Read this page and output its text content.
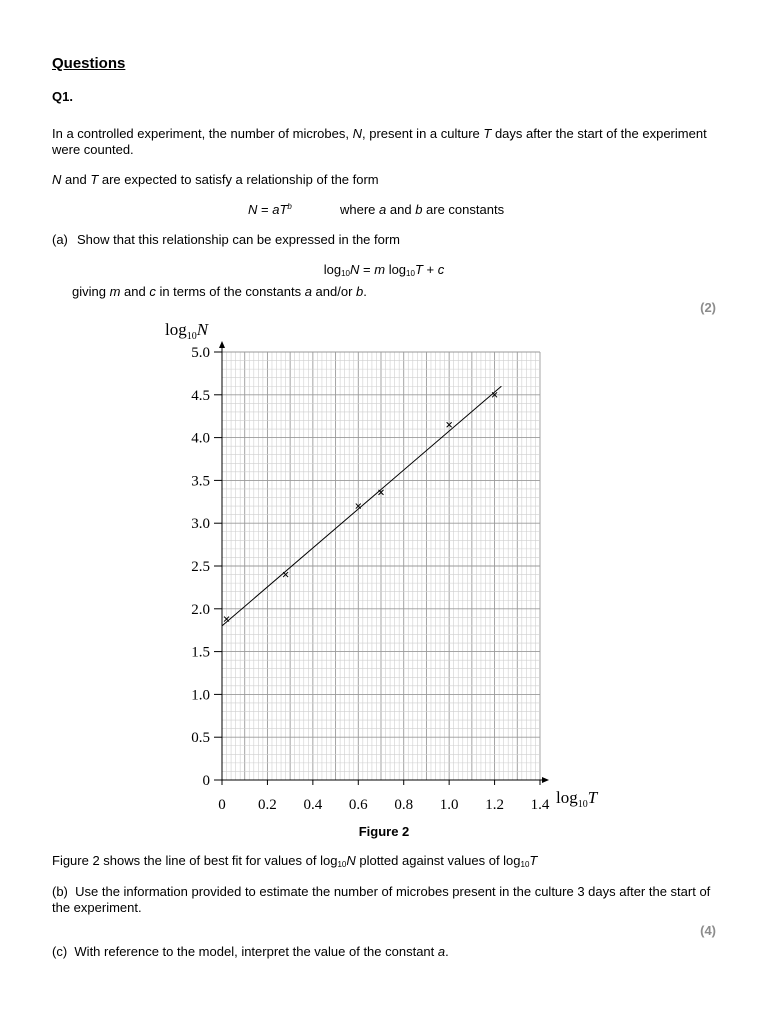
Questions
Q1.
In a controlled experiment, the number of microbes, N, present in a culture T days after the start of the experiment were counted.
N and T are expected to satisfy a relationship of the form
$N = aT^b$	where a and b are constants
(a) Show that this relationship can be expressed in the form
$\log_{10}N = m$ $\log_{10}T + c$
giving m and c in terms of the constants a and/or b.
(2)
0 0.2 0.4 0.6 0.8 1.0 1.2 1.4
0
0.5
1.0
1.5
2.0
2.5
3.0
3.5
4.0
4.5
5.0
$\log_{10}N$
$\log_{10}T$
Figure 2
Figure 2 shows the line of best fit for values of $\log_{10}N$ plotted against values of $\log_{10}T$
(b) Use the information provided to estimate the number of microbes present in the culture 3 days after the start of the experiment.
(4)
(c) With reference to the model, interpret the value of the constant a.
